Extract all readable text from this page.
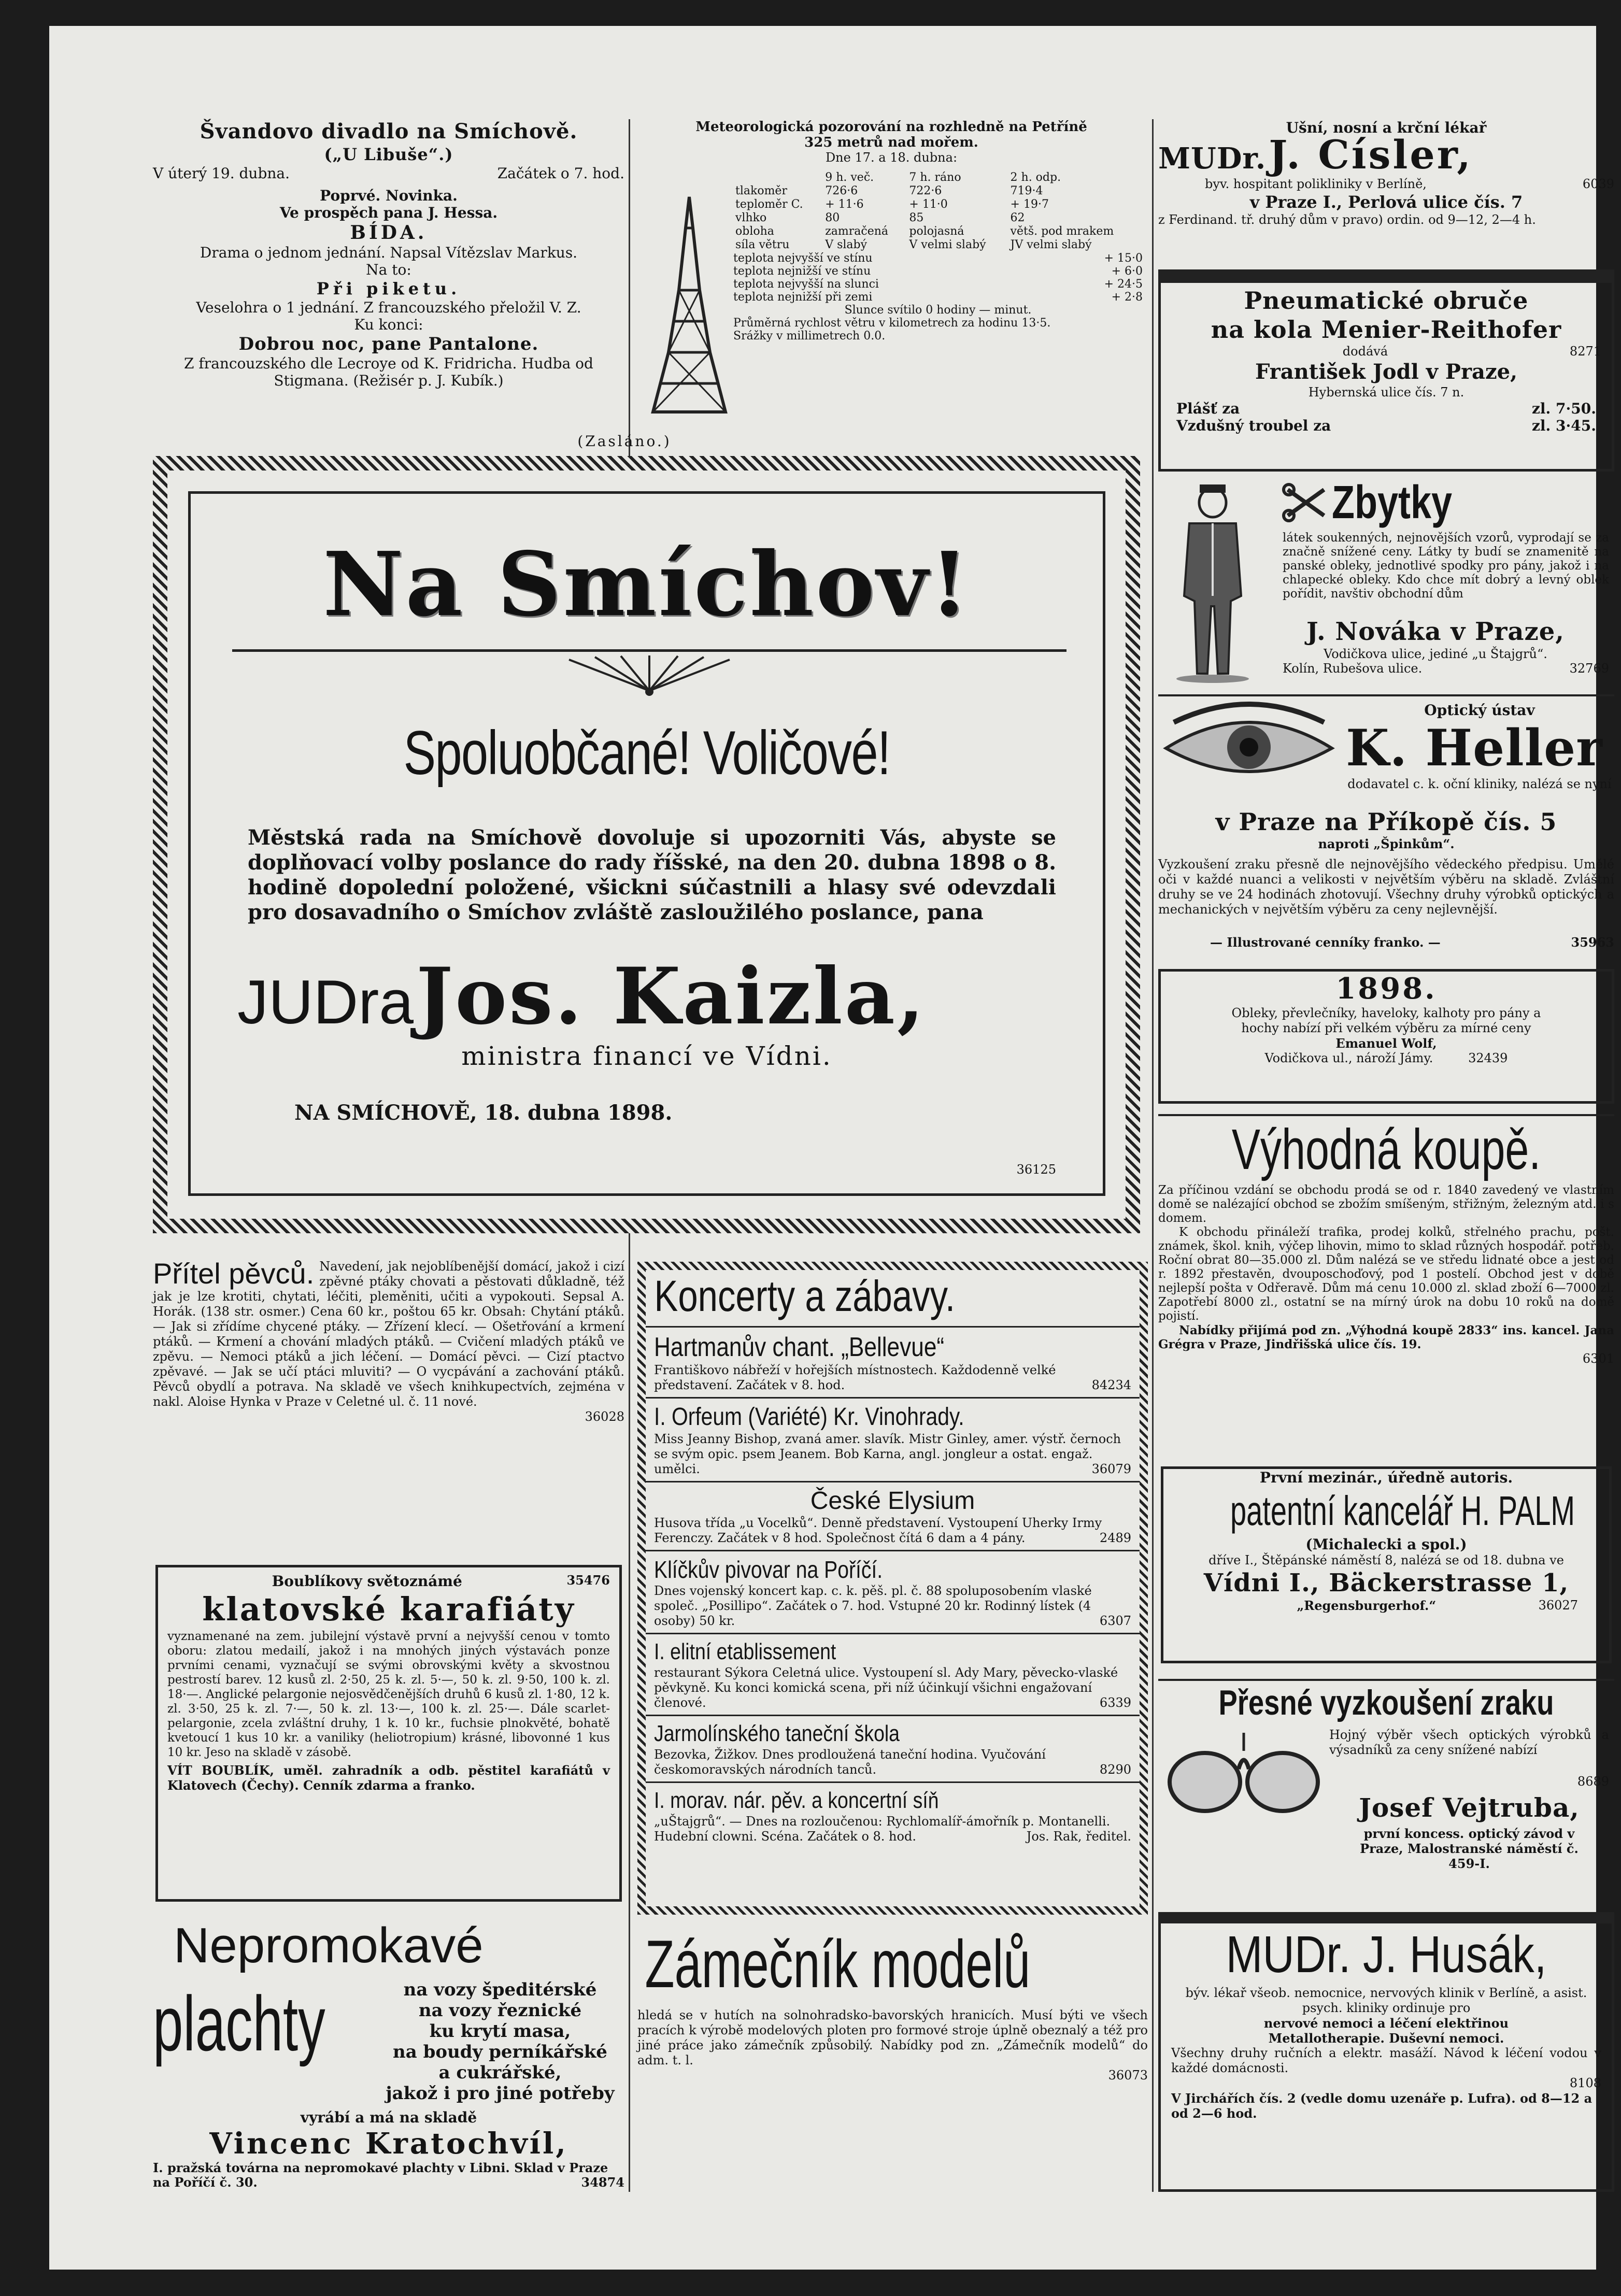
Švandovo divadlo na Smíchově.
(„U Libuše“.)
V úterý 19. dubna.	Začátek o 7. hod.
Poprvé. Novinka.
Ve prospěch pana J. Hessa.
BÍDA.
Drama o jednom jednání. Napsal Vítězslav Markus.
Na to:
Při piketu.
Veselohra o 1 jednání. Z francouzského přeložil V. Z.
Ku konci:
Dobrou noc, pane Pantalone.
Z francouzského dle Lecroye od K. Fridricha. Hudba od Stigmana. (Režisér p. J. Kubík.)
Meteorologická pozorování na rozhledně na Petříně
325 metrů nad mořem.
Dne 17. a 18. dubna:
	9 h. več.	7 h. ráno	2 h. odp.
tlakoměr	726·6	722·6	719·4
teploměr C.	+ 11·6	+ 11·0	+ 19·7
vlhko	80	85	62
obloha	zamračená	polojasná	větš. pod mrakem
síla větru	V slabý	V velmi slabý	JV velmi slabý
teplota nejvyšší ve stínu	+ 15·0
teplota nejnižší ve stínu	+ 6·0
teplota nejvyšší na slunci	+ 24·5
teplota nejnižší při zemi	+ 2·8
Slunce svítilo 0 hodiny — minut.
Průměrná rychlost větru v kilometrech za hodinu 13·5.
Srážky v millimetrech 0.0.
(Zasláno.)
Na Smíchov!
Spoluobčané! Voličové!
Městská rada na Smíchově dovoluje si upozorniti Vás, abyste se doplňovací volby poslance do rady říšské, na den 20. dubna 1898 o 8. hodině dopolední položené, všickni súčastnili a hlasy své odevzdali pro dosavadního o Smíchov zvláště zasloužilého poslance, pana
JUDra Jos. Kaizla,
ministra financí ve Vídni.
NA SMÍCHOVĚ, 18. dubna 1898.
36125
Přítel pěvců. Navedení, jak nejoblíbenější domácí, jakož i cizí zpěvné ptáky chovati a pěstovati důkladně, též jak je lze krotiti, chytati, léčiti, pleměniti, učiti a vypokouti. Sepsal A. Horák. (138 str. osmer.) Cena 60 kr., poštou 65 kr. Obsah: Chytání ptáků. — Jak si zřídíme chycené ptáky. — Zřízení klecí. — Ošetřování a krmení ptáků. — Krmení a chování mladých ptáků. — Cvičení mladých ptáků ve zpěvu. — Nemoci ptáků a jich léčení. — Domácí pěvci. — Cizí ptactvo zpěvavé. — Jak se učí ptáci mluviti? — O vycpávání a zachování ptáků. Pěvců obydlí a potrava. Na skladě ve všech knihkupectvích, zejména v nakl. Aloise Hynka v Praze v Celetné ul. č. 11 nové.
36028
Boublíkovy světoznámé	35476
klatovské karafiáty
vyznamenané na zem. jubilejní výstavě první a nejvyšší cenou v tomto oboru: zlatou medailí, jakož i na mnohých jiných výstavách ponze prvními cenami, vyznačují se svými obrovskými květy a skvostnou pestrostí barev. 12 kusů zl. 2·50, 25 k. zl. 5·—, 50 k. zl. 9·50, 100 k. zl. 18·—. Anglické pelargonie nejosvědčenějších druhů 6 kusů zl. 1·80, 12 k. zl. 3·50, 25 k. zl. 7·—, 50 k. zl. 13·—, 100 k. zl. 25·—. Dále scarlet-pelargonie, zcela zvláštní druhy, 1 k. 10 kr., fuchsie plnokvěté, bohatě kvetoucí 1 kus 10 kr. a vaniliky (heliotropium) krásné, libovonné 1 kus 10 kr. Jeso na skladě v zásobě.
VÍT BOUBLÍK, uměl. zahradník a odb. pěstitel karafiátů v Klatovech (Čechy). Cenník zdarma a franko.
Nepromokavé
plachty	na vozy špeditérské
na vozy řeznické
ku krytí masa,
na boudy perníkářské
a cukrářské,
jakož i pro jiné potřeby
vyrábí a má na skladě
Vincenc Kratochvíl,
I. pražská továrna na nepromokavé plachty v Libni. Sklad v Praze na Poříčí č. 30.	34874
Koncerty a zábavy.
Hartmanův chant. „Bellevue“
Františkovo nábřeží v hořejších místnostech. Každodenně velké představení. Začátek v 8. hod.	84234
I. Orfeum (Variété) Kr. Vinohrady.
Miss Jeanny Bishop, zvaná amer. slavík. Mistr Ginley, amer. výstř. černoch se svým opic. psem Jeanem. Bob Karna, angl. jongleur a ostat. engaž. umělci.	36079
České Elysium
Husova třída „u Vocelků“. Denně představení. Vystoupení Uherky Irmy Ferenczy. Začátek v 8 hod. Společnost čítá 6 dam a 4 pány.	2489
Klíčkův pivovar na Poříčí.
Dnes vojenský koncert kap. c. k. pěš. pl. č. 88 spoluposobením vlaské společ. „Posillipo“. Začátek o 7. hod. Vstupné 20 kr. Rodinný lístek (4 osoby) 50 kr.	6307
I. elitní etablissement
restaurant Sýkora Celetná ulice. Vystoupení sl. Ady Mary, pěvecko-vlaské pěvkyně. Ku konci komická scena, při níž účinkují všichni engažovaní členové.	6339
Jarmolínského taneční škola
Bezovka, Žižkov. Dnes prodloužená taneční hodina. Vyučování českomoravských národních tanců.	8290
I. morav. nár. pěv. a koncertní síň
„uŠtajgrů“. — Dnes na rozloučenou: Rychlomalíř-ámořník p. Montanelli. Hudební clowni. Scéna. Začátek o 8. hod.	Jos. Rak, ředitel.
Zámečník modelů
hledá se v hutích na solnohradsko-bavorských hranicích. Musí býti ve všech pracích k výrobě modelových ploten pro formové stroje úplně obeznalý a též pro jiné práce jako zámečník způsobilý. Nabídky pod zn. „Zámečník modelů“ do adm. t. l.
36073
Ušní, nosní a krční lékař
MUDr. J. Císler,
byv. hospitant polikliniky v Berlíně,	6039
v Praze I., Perlová ulice čís. 7
z Ferdinand. tř. druhý dům v pravo) ordin. od 9—12, 2—4 h.
Pneumatické obruče
na kola Menier-Reithofer
dodává	8271
František Jodl v Praze,
Hybernská ulice čís. 7 n.
Plášť za	zl. 7·50.
Vzdušný troubel za	zl. 3·45.
Zbytky
látek soukenných, nejnovějších vzorů, vyprodají se za značně snížené ceny. Látky ty budí se znamenitě na panské obleky, jednotlivé spodky pro pány, jakož i na chlapecké obleky. Kdo chce mít dobrý a levný oblek pořídit, navštiv obchodní dům
J. Nováka v Praze,
Vodičkova ulice, jediné „u Štajgrů“.
Kolín, Rubešova ulice.	32769
Optický ústav
K. Heller
dodavatel c. k. oční kliniky, nalézá se nyní
v Praze na Příkopě čís. 5
naproti „Špinkům“.
Vyzkoušení zraku přesně dle nejnovějšího vědeckého předpisu. Umělé oči v každé nuanci a velikosti v největším výběru na skladě. Zvláštní druhy se ve 24 hodinách zhotovují. Všechny druhy výrobků optických a mechanických v největším výběru za ceny nejlevnější.
— Illustrované cenníky franko. —	35963
1898.
Obleky, převlečníky, haveloky, kalhoty pro pány a hochy nabízí při velkém výběru za mírné ceny
Emanuel Wolf,
Vodičkova ul., nároží Jámy.	32439
Výhodná koupě.
Za příčinou vzdání se obchodu prodá se od r. 1840 zavedený ve vlastním domě se nalézající obchod se zbožím smíšeným, střižným, železným atd. i s domem.
K obchodu přináleží trafika, prodej kolků, střelného prachu, pošt. známek, škol. knih, výčep lihovin, mimo to sklad různých hospodář. potřeb. Roční obrat 80—35.000 zl. Dům nalézá se ve středu lidnaté obce a jest od r. 1892 přestavěn, dvouposchoďový, pod 1 postelí. Obchod jest v době nejlepší pošta v Odřeravě. Dům má cenu 10.000 zl. sklad zboží 6—7000 zl. Zapotřebí 8000 zl., ostatní se na mírný úrok na dobu 10 roků na domě pojistí.
Nabídky přijímá pod zn. „Výhodná koupě 2833“ ins. kancel. Jana Grégra v Praze, Jindřišská ulice čís. 19.
6301
První mezinár., úředně autoris.
patentní kancelář H. PALM
(Michalecki a spol.)
dříve I., Štěpánské náměstí 8, nalézá se od 18. dubna ve
Vídni I., Bäckerstrasse 1,
„Regensburgerhof.“	36027
Přesné vyzkoušení zraku
Hojný výběr všech optických výrobků a výsadníků za ceny snížené nabízí
8689
Josef Vejtruba,
první koncess. optický závod v Praze, Malostranské náměstí č. 459-I.
MUDr. J. Husák,
býv. lékař všeob. nemocnice, nervových klinik v Berlíně, a asist. psych. kliniky ordinuje pro
nervové nemoci a léčení elektřinou
Metallotherapie. Duševní nemoci.
Všechny druhy ručních a elektr. masáží. Návod k léčení vodou v každé domácnosti.
8108
V Jirchářích čís. 2 (vedle domu uzenáře p. Lufra). od 8—12 a od 2—6 hod.
